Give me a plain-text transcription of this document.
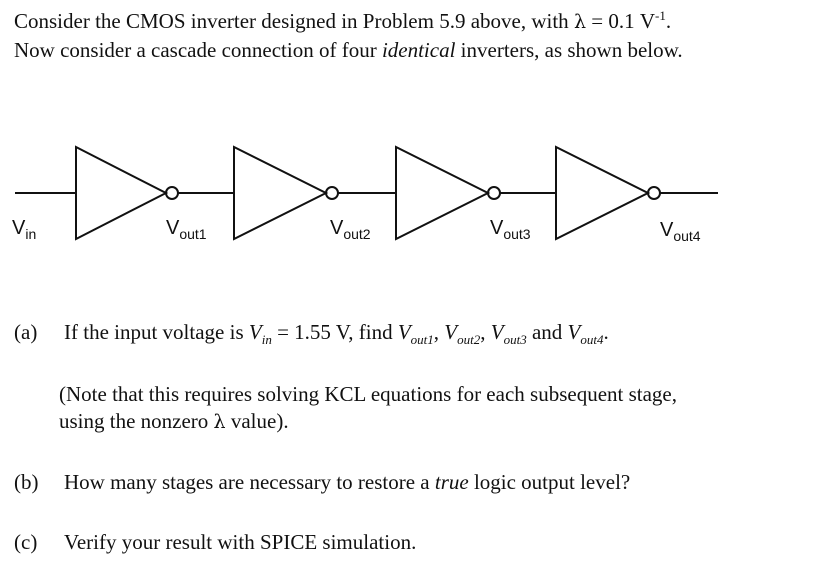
Consider the CMOS inverter designed in Problem 5.9 above, with λ = 0.1 $V^{-1}$.
Now consider a cascade connection of four identical inverters, as shown below.
Vin	Vout1	Vout2	Vout3	Vout4
(a) If the input voltage is $V_{in} = 1.55$ V, find $V_{out1}$, $V_{out2}$, $V_{out3}$ and $V_{out4}$.
(Note that this requires solving KCL equations for each subsequent stage,
using the nonzero λ value).
(b) How many stages are necessary to restore a true logic output level?
(c) Verify your result with SPICE simulation.
